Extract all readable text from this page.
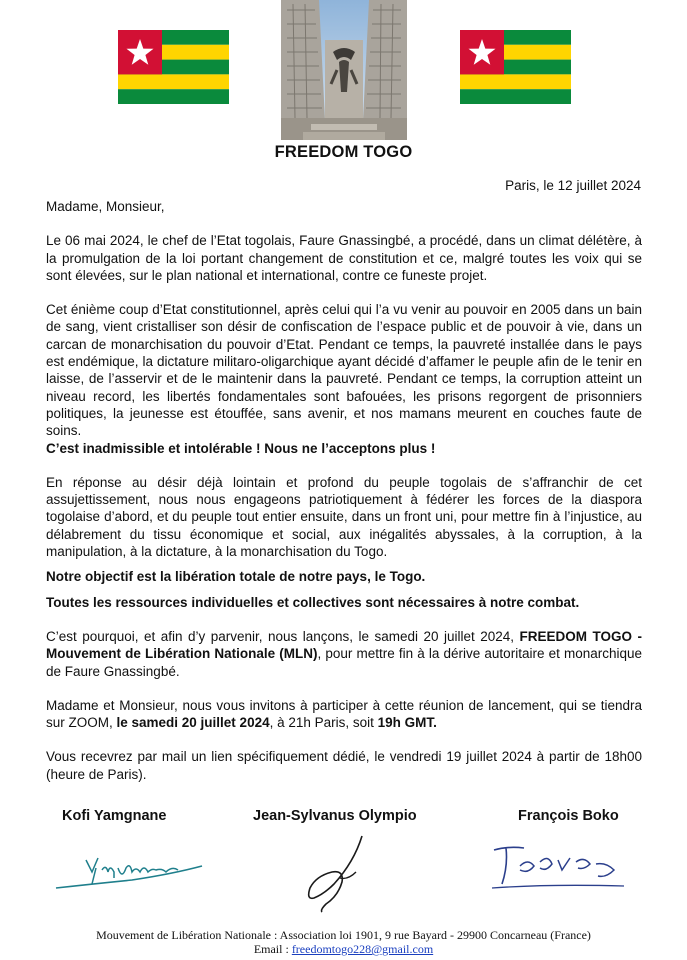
FREEDOM TOGO
Paris, le 12 juillet 2024

Madame, Monsieur,

Le 06 mai 2024, le chef de l’Etat togolais, Faure Gnassingbé, a procédé, dans un climat délétère, à la promulgation de la loi portant changement de constitution et ce, malgré toutes les voix qui se sont élevées, sur le plan national et international, contre ce funeste projet.

Cet énième coup d’Etat constitutionnel, après celui qui l’a vu venir au pouvoir en 2005 dans un bain de sang, vient cristalliser son désir de confiscation de l’espace public et de pouvoir à vie, dans un carcan de monarchisation du pouvoir d’Etat. Pendant ce temps, la pauvreté installée dans le pays est endémique, la dictature militaro-oligarchique ayant décidé d’affamer le peuple afin de le tenir en laisse, de l’asservir et de le maintenir dans la pauvreté. Pendant ce temps, la corruption atteint un niveau record, les libertés fondamentales sont bafouées, les prisons regorgent de prisonniers politiques, la jeunesse est étouffée, sans avenir, et nos mamans meurent en couches faute de soins.
C’est inadmissible et intolérable ! Nous ne l’acceptons plus !

En réponse au désir déjà lointain et profond du peuple togolais de s’affranchir de cet assujettissement, nous nous engageons patriotiquement à fédérer les forces de la diaspora togolaise d’abord, et du peuple tout entier ensuite, dans un front uni, pour mettre fin à l’injustice, au délabrement du tissu économique et social, aux inégalités abyssales, à la corruption, à la manipulation, à la dictature, à la monarchisation du Togo.

Notre objectif est la libération totale de notre pays, le Togo.

Toutes les ressources individuelles et collectives sont nécessaires à notre combat.

C’est pourquoi, et afin d’y parvenir, nous lançons, le samedi 20 juillet 2024, FREEDOM TOGO - Mouvement de Libération Nationale (MLN), pour mettre fin à la dérive autoritaire et monarchique de Faure Gnassingbé.

Madame et Monsieur, nous vous invitons à participer à cette réunion de lancement, qui se tiendra sur ZOOM, le samedi 20 juillet 2024, à 21h Paris, soit 19h GMT.

Vous recevrez par mail un lien spécifiquement dédié, le vendredi 19 juillet 2024 à partir de 18h00 (heure de Paris).

Kofi Yamgnane	Jean-Sylvanus Olympio	François Boko
Mouvement de Libération Nationale : Association loi 1901, 9 rue Bayard - 29900 Concarneau (France)
Email : freedomtogo228@gmail.com
